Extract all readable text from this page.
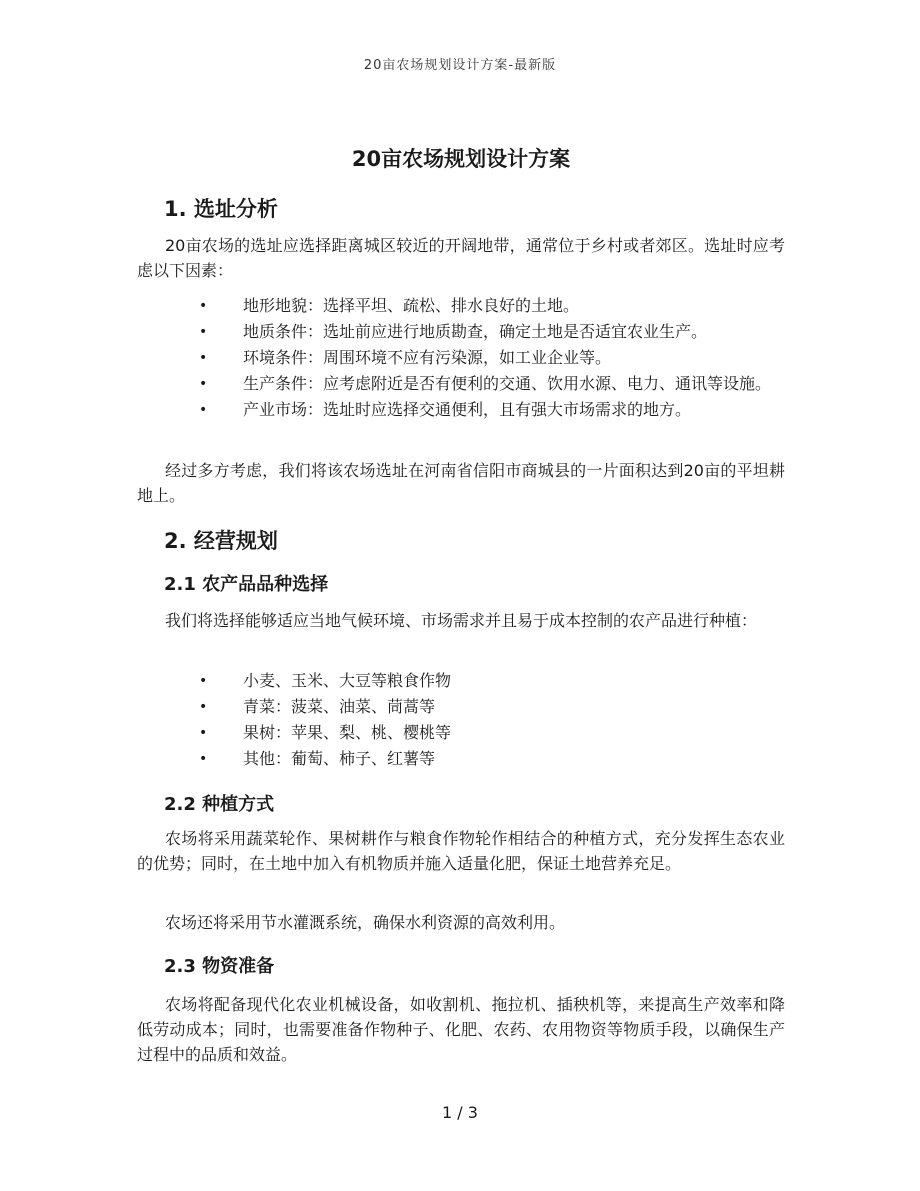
20亩农场规划设计方案-最新版
20亩农场规划设计方案
1. 选址分析

20亩农场的选址应选择距离城区较近的开阔地带，通常位于乡村或者郊区。选址时应考虑以下因素：

• 地形地貌：选择平坦、疏松、排水良好的土地。
• 地质条件：选址前应进行地质勘查，确定土地是否适宜农业生产。
• 环境条件：周围环境不应有污染源，如工业企业等。
• 生产条件：应考虑附近是否有便利的交通、饮用水源、电力、通讯等设施。
• 产业市场：选址时应选择交通便利，且有强大市场需求的地方。

经过多方考虑，我们将该农场选址在河南省信阳市商城县的一片面积达到20亩的平坦耕地上。

2. 经营规划
2.1 农产品品种选择

我们将选择能够适应当地气候环境、市场需求并且易于成本控制的农产品进行种植：

• 小麦、玉米、大豆等粮食作物
• 青菜：菠菜、油菜、茼蒿等
• 果树：苹果、梨、桃、樱桃等
• 其他：葡萄、柿子、红薯等
2.2 种植方式

农场将采用蔬菜轮作、果树耕作与粮食作物轮作相结合的种植方式，充分发挥生态农业的优势；同时，在土地中加入有机物质并施入适量化肥，保证土地营养充足。

农场还将采用节水灌溉系统，确保水利资源的高效利用。

2.3 物资准备

农场将配备现代化农业机械设备，如收割机、拖拉机、插秧机等，来提高生产效率和降低劳动成本；同时，也需要准备作物种子、化肥、农药、农用物资等物质手段，以确保生产过程中的品质和效益。

1 / 3
